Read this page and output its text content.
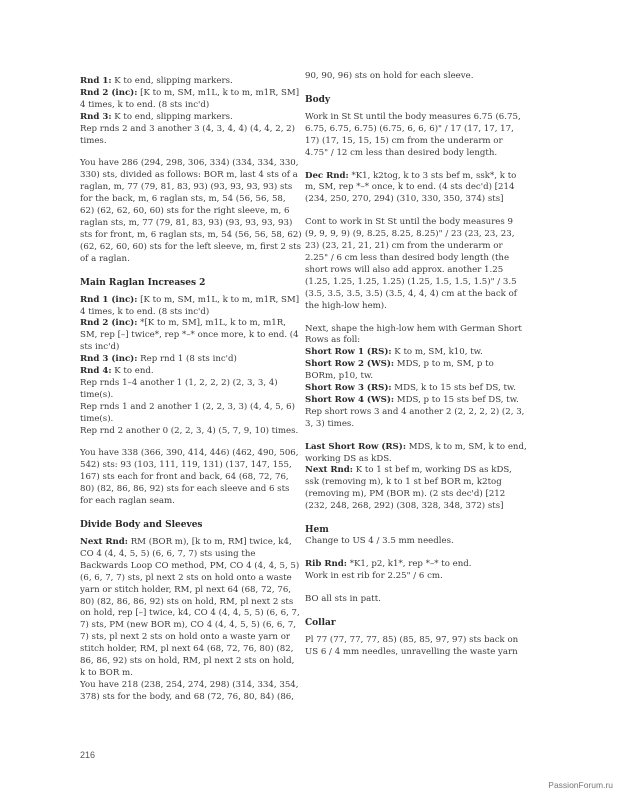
Rnd 1: K to end, slipping markers.

Rnd 2 (inc): [K to m, SM, m1L, k to m, m1R, SM] 4 times, k to end. (8 sts inc'd)

Rnd 3: K to end, slipping markers.

Rep rnds 2 and 3 another 3 (4, 3, 4, 4) (4, 4, 2, 2) times.

You have 286 (294, 298, 306, 334) (334, 334, 330, 330) sts, divided as follows: BOR m, last 4 sts of a raglan, m, 77 (79, 81, 83, 93) (93, 93, 93, 93) sts for the back, m, 6 raglan sts, m, 54 (56, 56, 58, 62) (62, 62, 60, 60) sts for the right sleeve, m, 6 raglan sts, m, 77 (79, 81, 83, 93) (93, 93, 93, 93) sts for front, m, 6 raglan sts, m, 54 (56, 56, 58, 62) (62, 62, 60, 60) sts for the left sleeve, m, first 2 sts of a raglan.

Main Raglan Increases 2

Rnd 1 (inc): [K to m, SM, m1L, k to m, m1R, SM] 4 times, k to end. (8 sts inc'd)

Rnd 2 (inc): *[K to m, SM], m1L, k to m, m1R, SM, rep [–] twice*, rep *–* once more, k to end. (4 sts inc'd)

Rnd 3 (inc): Rep rnd 1 (8 sts inc'd)

Rnd 4: K to end.

Rep rnds 1–4 another 1 (1, 2, 2, 2) (2, 3, 3, 4) time(s).

Rep rnds 1 and 2 another 1 (2, 2, 3, 3) (4, 4, 5, 6) time(s).

Rep rnd 2 another 0 (2, 2, 3, 4) (5, 7, 9, 10) times.

You have 338 (366, 390, 414, 446) (462, 490, 506, 542) sts: 93 (103, 111, 119, 131) (137, 147, 155, 167) sts each for front and back, 64 (68, 72, 76, 80) (82, 86, 86, 92) sts for each sleeve and 6 sts for each raglan seam.

Divide Body and Sleeves

Next Rnd: RM (BOR m), [k to m, RM] twice, k4, CO 4 (4, 4, 5, 5) (6, 6, 7, 7) sts using the Backwards Loop CO method, PM, CO 4 (4, 4, 5, 5) (6, 6, 7, 7) sts, pl next 2 sts on hold onto a waste yarn or stitch holder, RM, pl next 64 (68, 72, 76, 80) (82, 86, 86, 92) sts on hold, RM, pl next 2 sts on hold, rep [–] twice, k4, CO 4 (4, 4, 5, 5) (6, 6, 7, 7) sts, PM (new BOR m), CO 4 (4, 4, 5, 5) (6, 6, 7, 7) sts, pl next 2 sts on hold onto a waste yarn or stitch holder, RM, pl next 64 (68, 72, 76, 80) (82, 86, 86, 92) sts on hold, RM, pl next 2 sts on hold, k to BOR m.

You have 218 (238, 254, 274, 298) (314, 334, 354, 378) sts for the body, and 68 (72, 76, 80, 84) (86,

90, 90, 96) sts on hold for each sleeve.

Body

Work in St St until the body measures 6.75 (6.75, 6.75, 6.75, 6.75) (6.75, 6, 6, 6)" / 17 (17, 17, 17, 17) (17, 15, 15, 15) cm from the underarm or 4.75" / 12 cm less than desired body length.

Dec Rnd: *K1, k2tog, k to 3 sts bef m, ssk*, k to m, SM, rep *–* once, k to end. (4 sts dec'd) [214 (234, 250, 270, 294) (310, 330, 350, 374) sts]

Cont to work in St St until the body measures 9 (9, 9, 9, 9) (9, 8.25, 8.25, 8.25)" / 23 (23, 23, 23, 23) (23, 21, 21, 21) cm from the underarm or 2.25" / 6 cm less than desired body length (the short rows will also add approx. another 1.25 (1.25, 1.25, 1.25, 1.25) (1.25, 1.5, 1.5, 1.5)" / 3.5 (3.5, 3.5, 3.5, 3.5) (3.5, 4, 4, 4) cm at the back of the high-low hem).

Next, shape the high-low hem with German Short Rows as foll:

Short Row 1 (RS): K to m, SM, k10, tw.

Short Row 2 (WS): MDS, p to m, SM, p to BORm, p10, tw.

Short Row 3 (RS): MDS, k to 15 sts bef DS, tw.

Short Row 4 (WS): MDS, p to 15 sts bef DS, tw.

Rep short rows 3 and 4 another 2 (2, 2, 2, 2) (2, 3, 3, 3) times.

Last Short Row (RS): MDS, k to m, SM, k to end, working DS as kDS.

Next Rnd: K to 1 st bef m, working DS as kDS, ssk (removing m), k to 1 st bef BOR m, k2tog (removing m), PM (BOR m). (2 sts dec'd) [212 (232, 248, 268, 292) (308, 328, 348, 372) sts]

Hem

Change to US 4 / 3.5 mm needles.

Rib Rnd: *K1, p2, k1*, rep *–* to end.

Work in est rib for 2.25" / 6 cm.

BO all sts in patt.

Collar

Pl 77 (77, 77, 77, 85) (85, 85, 97, 97) sts back on US 6 / 4 mm needles, unravelling the waste yarn

216
PassionForum.ru
